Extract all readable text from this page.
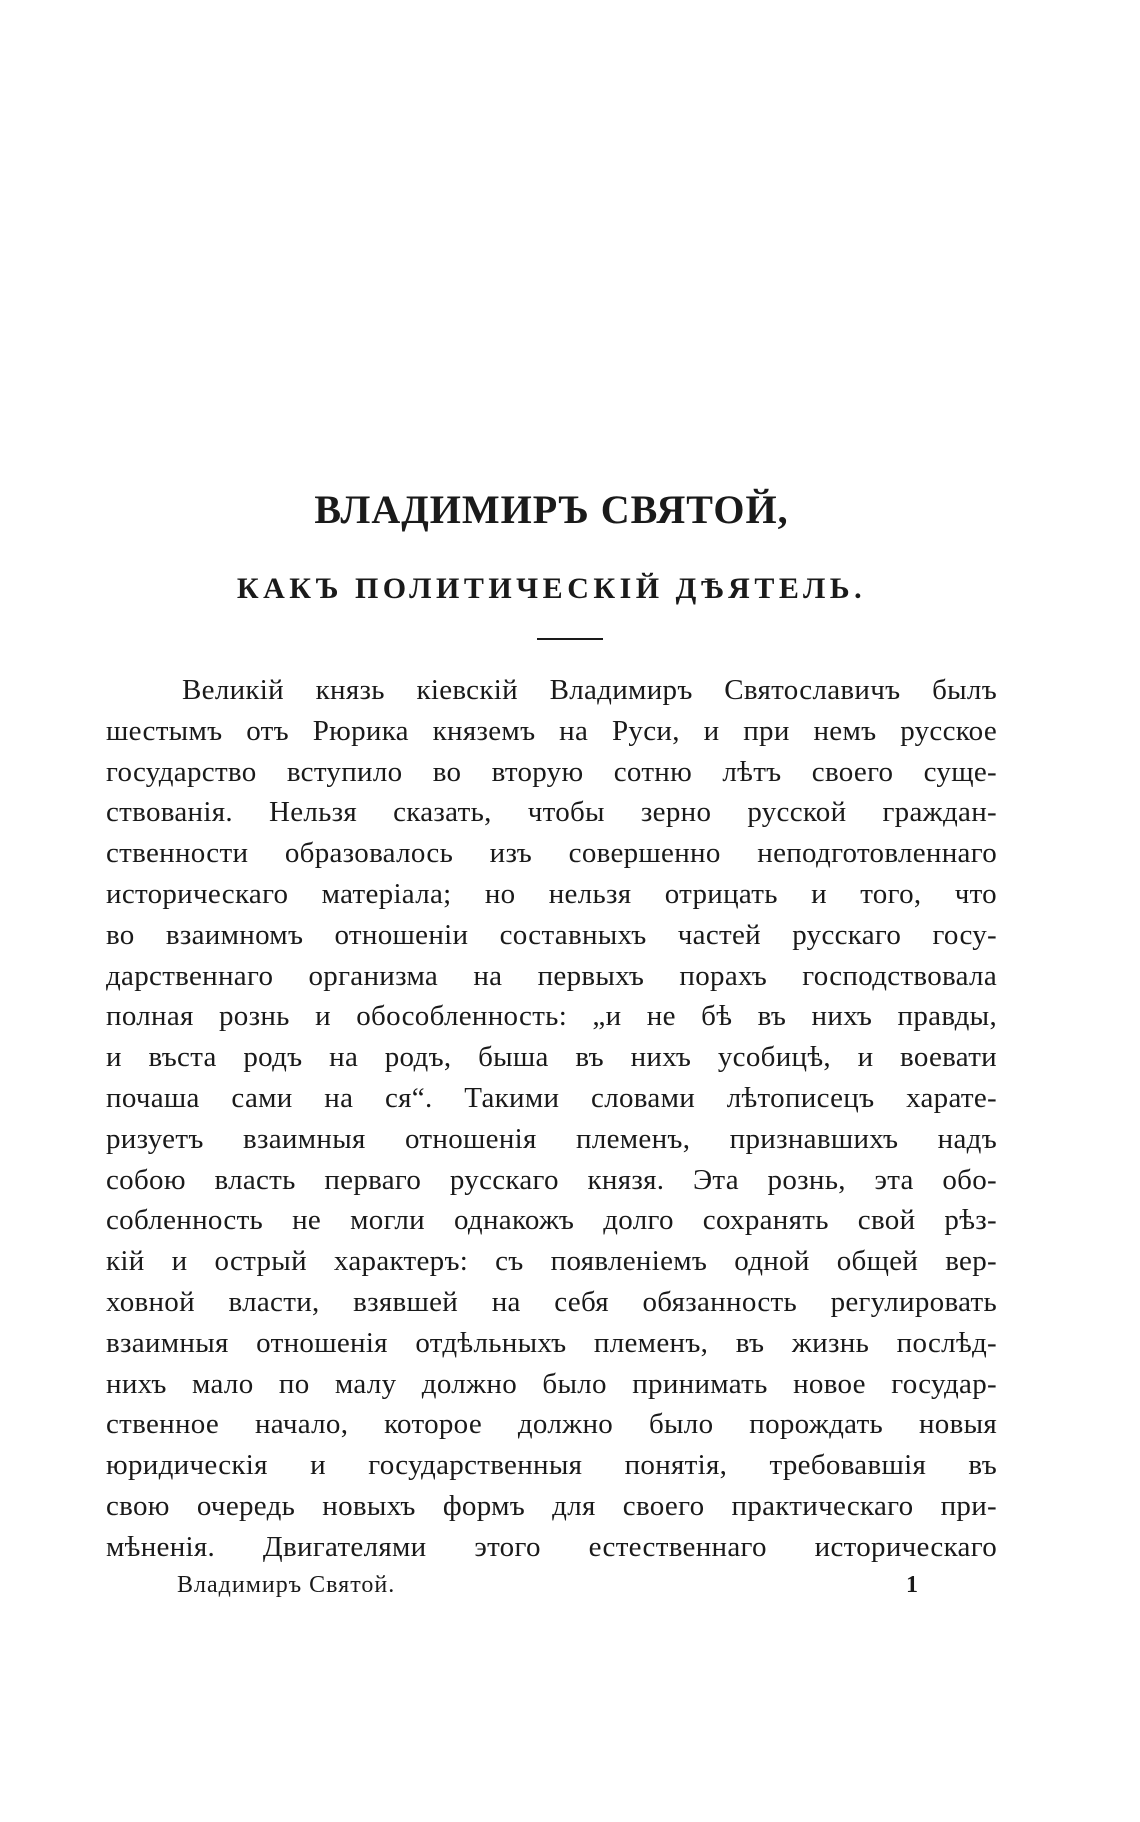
ВЛАДИМИРЪ СВЯТОЙ,
КАКЪ ПОЛИТИЧЕСКІЙ ДѢЯТЕЛЬ.
Великій князь кіевскій Владимиръ Святославичъ былъ
шестымъ отъ Рюрика княземъ на Руси, и при немъ русское
государство вступило во вторую сотню лѣтъ своего суще-
ствованія. Нельзя сказать, чтобы зерно русской граждан-
ственности образовалось изъ совершенно неподготовленнаго
историческаго матеріала; но нельзя отрицать и того, что
во взаимномъ отношеніи составныхъ частей русскаго госу-
дарственнаго организма на первыхъ порахъ господствовала
полная рознь и обособленность: „и не бѣ въ нихъ правды,
и въста родъ на родъ, быша въ нихъ усобицѣ, и воевати
почаша сами на ся“. Такими словами лѣтописецъ харате-
ризуетъ взаимныя отношенія племенъ, признавшихъ надъ
собою власть перваго русскаго князя. Эта рознь, эта обо-
собленность не могли однакожъ долго сохранять свой рѣз-
кій и острый характеръ: съ появленіемъ одной общей вер-
ховной власти, взявшей на себя обязанность регулировать
взаимныя отношенія отдѣльныхъ племенъ, въ жизнь послѣд-
нихъ мало по малу должно было принимать новое государ-
ственное начало, которое должно было порождать новыя
юридическія и государственныя понятія, требовавшія въ
свою очередь новыхъ формъ для своего практическаго при-
мѣненія. Двигателями этого естественнаго историческаго
Владимиръ Святой.	1
